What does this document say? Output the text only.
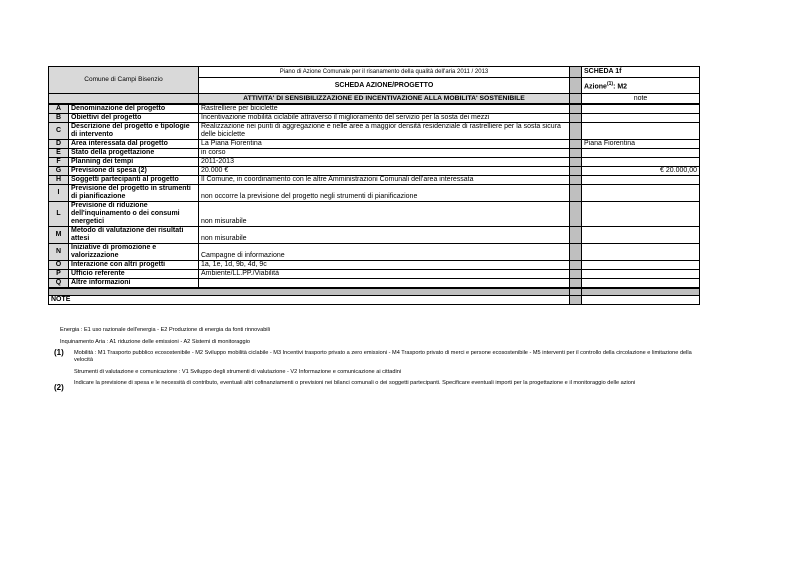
Comune di Campi Bisenzio	Piano di Azione Comunale per il risanamento della qualità dell'aria 2011 / 2013		SCHEDA 1f
	SCHEDA AZIONE/PROGETTO		Azione$^{(1)}$: M2
	ATTIVITA' DI SENSIBILIZZAZIONE ED INCENTIVAZIONE ALLA MOBILITA' SOSTENIBILE		note
A	Denominazione del progetto	Rastrelliere per biciclette		
B	Obiettivi del progetto	Incentivazione mobilità ciclabile attraverso il miglioramento del servizio per la sosta dei mezzi		
C	Descrizione del progetto e tipologie di intervento	Realizzazione nei punti di aggregazione e nelle aree a maggior densità residenziale di rastrelliere per la sosta sicura delle biciclette		
D	Area interessata dal progetto	La Piana Fiorentina		Piana Fiorentina
E	Stato della progettazione	in corso		
F	Planning dei tempi	2011-2013		
G	Previsione di spesa (2)	20.000 €		€ 20.000,00
H	Soggetti partecipanti al progetto	Il Comune, in coordinamento con le altre Amministrazioni Comunali dell'area interessata		
I	Previsione del progetto in strumenti di pianificazione	non occorre la previsione del progetto negli strumenti di pianificazione		
L	Previsione di riduzione dell'inquinamento o dei consumi energetici	non misurabile		
M	Metodo di valutazione dei risultati attesi	non misurabile		
N	Iniziative di promozione e valorizzazione	Campagne di informazione		
O	Interazione con altri progetti	1a, 1e, 1d, 9b, 4d, 9c		
P	Ufficio referente	Ambiente/LL.PP./Viabilità		
Q	Altre informazioni			

NOTE		
Energia : E1 uso razionale dell'energia - E2 Produzione di energia da fonti rinnovabili
Inquinamento Aria : A1 riduzione delle emissioni - A2 Sistemi di monitoraggio
(1) Mobilità : M1 Trasporto pubblico ecosostenibile - M2 Sviluppo mobilità ciclabile - M3 Incentivi trasporto privato a zero emissioni - M4 Trasporto privato di merci e persone ecosostenibile - M5 interventi per il controllo della circolazione e limitazione della velocità
Strumenti di valutazione e comunicazione : V1 Sviluppo degli strumenti di valutazione - V2 Informazione e comunicazione ai cittadini
(2) Indicare la previsione di spesa e le necessità di contributo, eventuali altri cofinanziamenti o previsioni nei bilanci comunali o dei soggetti partecipanti. Specificare eventuali importi per la progettazione e il monitoraggio delle azioni
